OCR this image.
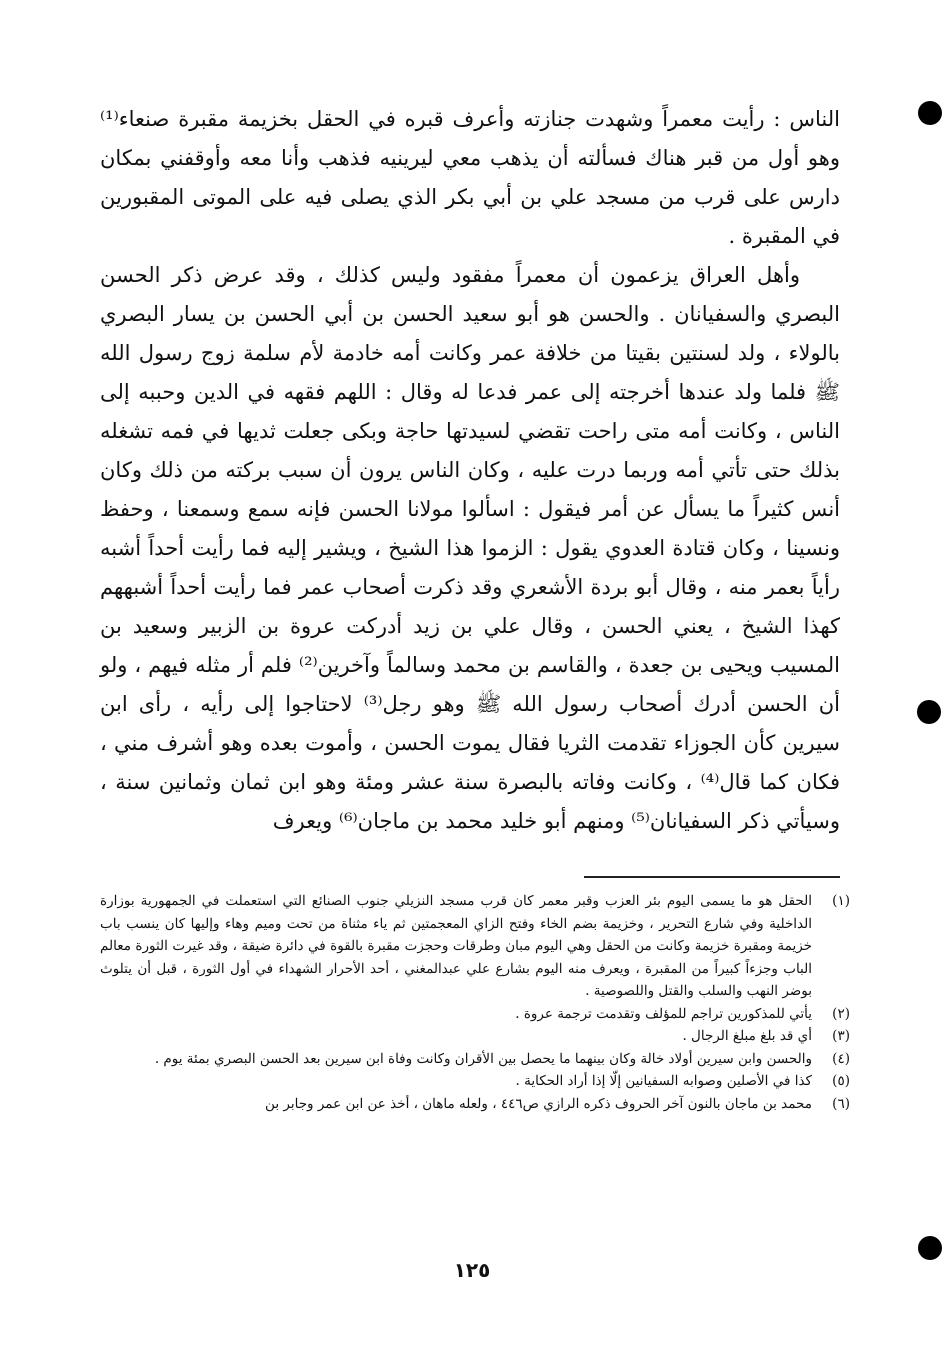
الناس : رأيت معمراً وشهدت جنازته وأعرف قبره في الحقل بخزيمة مقبرة صنعاء⁽¹⁾ وهو أول من قبر هناك فسألته أن يذهب معي ليرينيه فذهب وأنا معه وأوقفني بمكان دارس على قرب من مسجد علي بن أبي بكر الذي يصلى فيه على الموتى المقبورين في المقبرة .

وأهل العراق يزعمون أن معمراً مفقود وليس كذلك ، وقد عرض ذكر الحسن البصري والسفيانان . والحسن هو أبو سعيد الحسن بن أبي الحسن بن يسار البصري بالولاء ، ولد لسنتين بقيتا من خلافة عمر وكانت أمه خادمة لأم سلمة زوج رسول الله ﷺ فلما ولد عندها أخرجته إلى عمر فدعا له وقال : اللهم فقهه في الدين وحببه إلى الناس ، وكانت أمه متى راحت تقضي لسيدتها حاجة وبكى جعلت ثديها في فمه تشغله بذلك حتى تأتي أمه وربما درت عليه ، وكان الناس يرون أن سبب بركته من ذلك وكان أنس كثيراً ما يسأل عن أمر فيقول : اسألوا مولانا الحسن فإنه سمع وسمعنا ، وحفظ ونسينا ، وكان قتادة العدوي يقول : الزموا هذا الشيخ ، ويشير إليه فما رأيت أحداً أشبه رأياً بعمر منه ، وقال أبو بردة الأشعري وقد ذكرت أصحاب عمر فما رأيت أحداً أشبههم كهذا الشيخ ، يعني الحسن ، وقال علي بن زيد أدركت عروة بن الزبير وسعيد بن المسيب ويحيى بن جعدة ، والقاسم بن محمد وسالماً وآخرين⁽²⁾ فلم أر مثله فيهم ، ولو أن الحسن أدرك أصحاب رسول الله ﷺ وهو رجل⁽³⁾ لاحتاجوا إلى رأيه ، رأى ابن سيرين كأن الجوزاء تقدمت الثريا فقال يموت الحسن ، وأموت بعده وهو أشرف مني ، فكان كما قال⁽⁴⁾ ، وكانت وفاته بالبصرة سنة عشر ومئة وهو ابن ثمان وثمانين سنة ، وسيأتي ذكر السفيانان⁽⁵⁾ ومنهم أبو خليد محمد بن ماجان⁽⁶⁾ ويعرف

(١)
الحقل هو ما يسمى اليوم بئر العزب وقبر معمر كان قرب مسجد النزيلي جنوب الصنائع التي استعملت في الجمهورية بوزارة الداخلية وفي شارع التحرير ، وخزيمة بضم الخاء وفتح الزاي المعجمتين ثم ياء مثناة من تحت وميم وهاء وإليها كان ينسب باب خزيمة ومقبرة خزيمة وكانت من الحقل وهي اليوم مبان وطرقات وحجزت مقبرة بالقوة في دائرة ضيقة ، وقد غيرت الثورة معالم الباب وجزءاً كبيراً من المقبرة ، ويعرف منه اليوم بشارع علي عبدالمغني ، أحد الأحرار الشهداء في أول الثورة ، قبل أن يتلوث بوضر النهب والسلب والقتل واللصوصية .
(٢)
يأتي للمذكورين تراجم للمؤلف وتقدمت ترجمة عروة .
(٣)
أي قد بلغ مبلغ الرجال .
(٤)
والحسن وابن سيرين أولاد خالة وكان بينهما ما يحصل بين الأقران وكانت وفاة ابن سيرين بعد الحسن البصري بمئة يوم .
(٥)
كذا في الأصلين وصوابه السفيانين إلّا إذا أراد الحكاية .
(٦)
محمد بن ماجان بالنون آخر الحروف ذكره الرازي ص٤٤٦ ، ولعله ماهان ، أخذ عن ابن عمر وجابر بن
١٢٥
